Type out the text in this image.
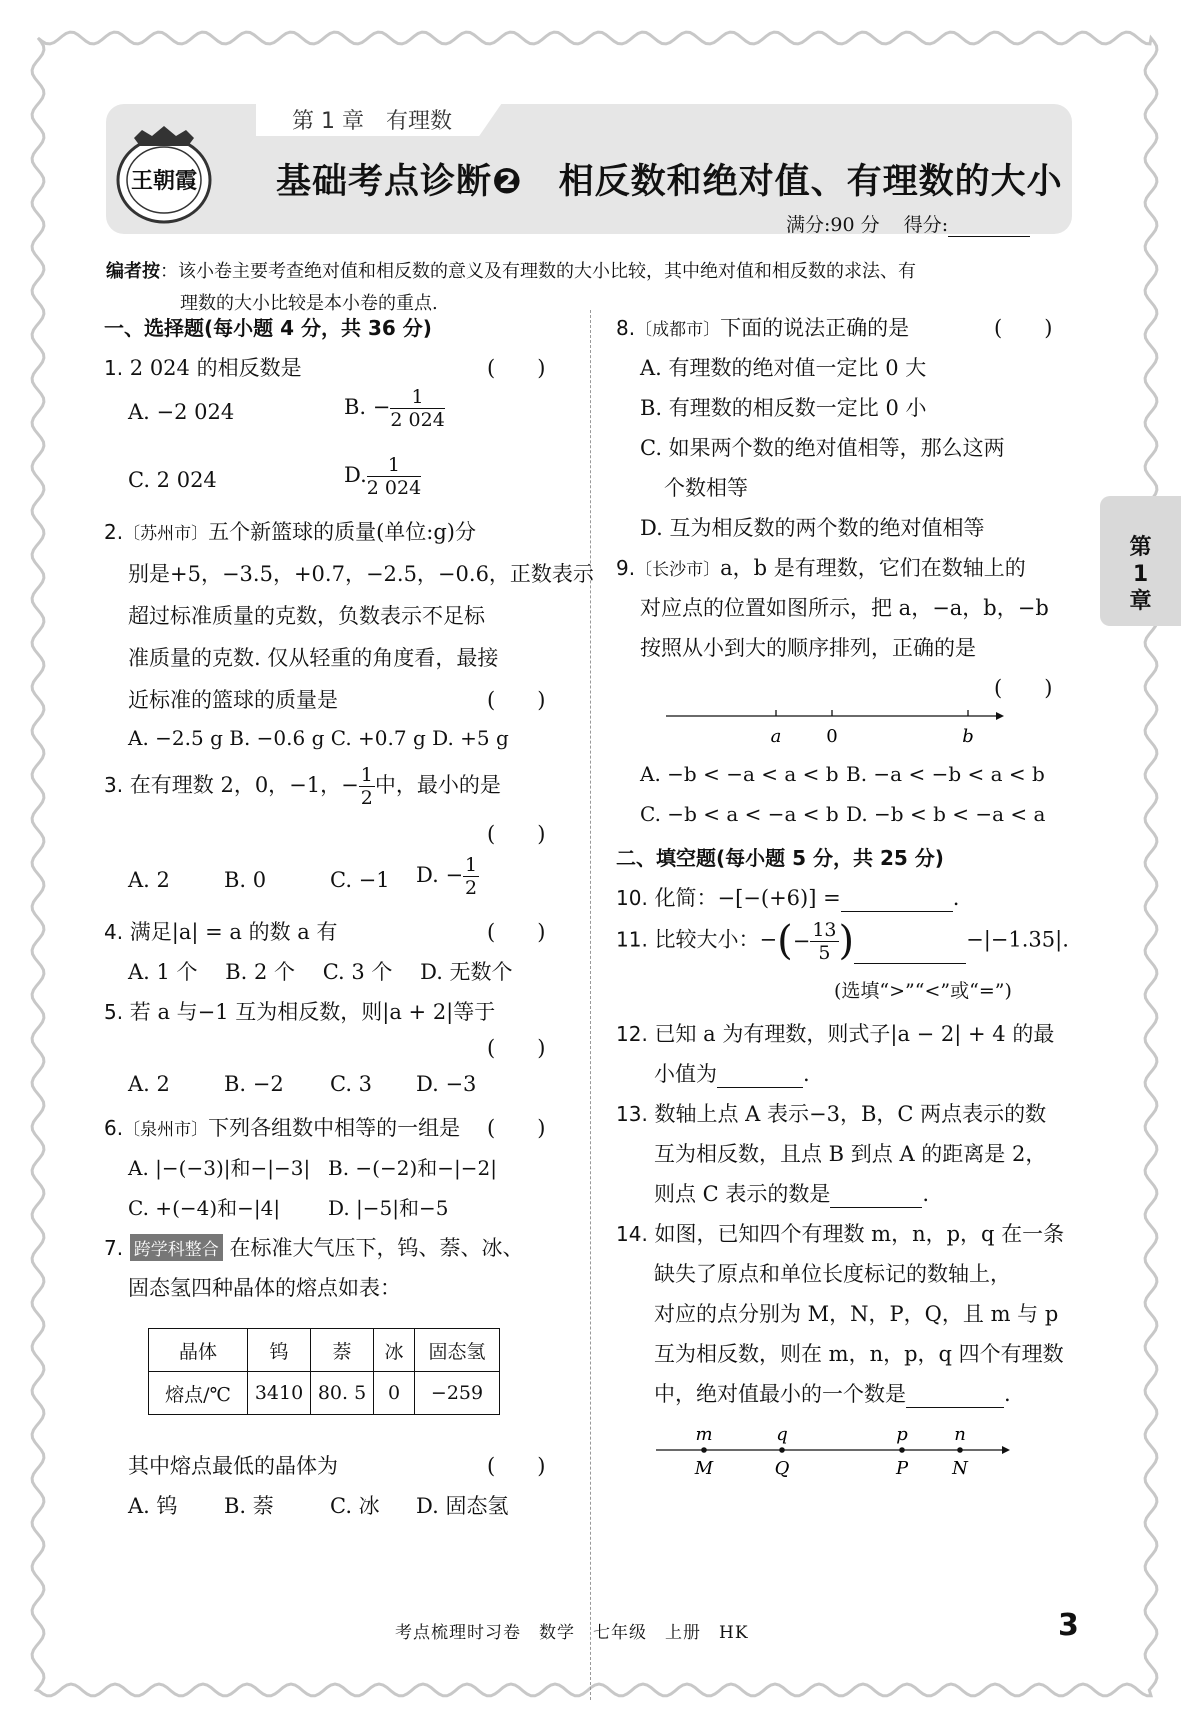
第
1
章
第 1 章　有理数
王朝霞 基础考点诊断❷　相反数和绝对值、有理数的大小
满分:90 分 得分:
编者按：该小卷主要考查绝对值和相反数的意义及有理数的大小比较，其中绝对值和相反数的求法、有
理数的大小比较是本小卷的重点.
一、选择题(每小题 4 分，共 36 分)
1. 2 024 的相反数是	(　　)
A. −2 024	B. − $\frac{1}{2 024}$
C. 2 024	D. $\frac{1}{2 024}$
2.〔苏州市〕五个新篮球的质量(单位:g)分
别是+5，−3.5，+0.7，−2.5，−0.6，正数表示
超过标准质量的克数，负数表示不足标
准质量的克数. 仅从轻重的角度看，最接
近标准的篮球的质量是	(　　)
A. −2.5 g B. −0.6 g C. +0.7 g D. +5 g
3. 在有理数 2，0，−1，− $\frac{1}{2}$ 中，最小的是
(　　)
A. 2	B. 0	C. −1 D. − $\frac{1}{2}$
4. 满足|a| = a 的数 a 有	(　　)
A. 1 个　 B. 2 个　 C. 3 个　 D. 无数个
5. 若 a 与−1 互为相反数，则|a + 2|等于
(　　)
A. 2	B. −2 C. 3 D. −3
6.〔泉州市〕下列各组数中相等的一组是 (　　)
A. |−(−3)|和−|−3| B. −(−2)和−|−2|
C. +(−4)和−|4| D. |−5|和−5
7. 跨学科整合 在标准大气压下，钨、萘、冰、
固态氢四种晶体的熔点如表：
晶体	钨	萘	冰	固态氢
熔点/℃	3410	80. 5	0	−259
其中熔点最低的晶体为	(　　)
A. 钨 B. 萘	C. 冰 D. 固态氢
8.〔成都市〕下面的说法正确的是	(　　)
A. 有理数的绝对值一定比 0 大
B. 有理数的相反数一定比 0 小
C. 如果两个数的绝对值相等，那么这两
个数相等
D. 互为相反数的两个数的绝对值相等
9.〔长沙市〕a，b 是有理数，它们在数轴上的
对应点的位置如图所示，把 a，−a，b，−b
按照从小到大的顺序排列，正确的是
(　　)
a 0	b
A. −b < −a < a < b B. −a < −b < a < b
C. −b < a < −a < b D. −b < b < −a < a
二、填空题(每小题 5 分，共 25 分)
10. 化简：−[−(+6)] =	.
11. 比较大小：−(− $\frac{13}{5}$ )	−|−1.35|.
(选填“>”“<”或“=”)
12. 已知 a 为有理数，则式子|a − 2| + 4 的最
小值为	.
13. 数轴上点 A 表示−3，B，C 两点表示的数
互为相反数，且点 B 到点 A 的距离是 2，
则点 C 表示的数是	.
14. 如图，已知四个有理数 m，n，p，q 在一条
缺失了原点和单位长度标记的数轴上，
对应的点分别为 M，N，P，Q，且 m 与 p
互为相反数，则在 m，n，p，q 四个有理数
中，绝对值最小的一个数是	.
m	q	p	n
M	Q	P N
考点梳理时习卷　数学　七年级　上册　HK	3
